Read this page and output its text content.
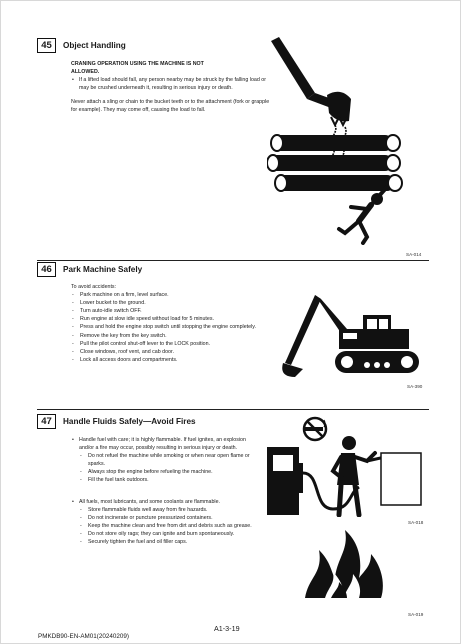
45	Object Handling
CRANING OPERATION USING THE MACHINE IS NOT
ALLOWED.
• If a lifted load should fall, any person nearby may be struck by the falling load or may be crushed underneath it, resulting in serious injury or death.
Never attach a sling or chain to the bucket teeth or to the attachment (fork or grapple for example). They may come off, causing the load to fall.
SA-014
46	Park Machine Safely
To avoid accidents:
- Park machine on a firm, level surface.
- Lower bucket to the ground.
- Turn auto-idle switch OFF.
- Run engine at slow idle speed without load for 5 minutes.
- Press and hold the engine stop switch until stopping the engine completely.
- Remove the key from the key switch.
- Pull the pilot control shut-off lever to the LOCK position.
- Close windows, roof vent, and cab door.
- Lock all access doors and compartments.
SA-390
47	Handle Fluids Safely—Avoid Fires
• Handle fuel with care; it is highly flammable. If fuel ignites, an explosion and/or a fire may occur, possibly resulting in serious injury or death.
- Do not refuel the machine while smoking or when near open flame or sparks.
- Always stop the engine before refueling the machine.
- Fill the fuel tank outdoors.
• All fuels, most lubricants, and some coolants are flammable.
- Store flammable fluids well away from fire hazards.
- Do not incinerate or puncture pressurized containers.
- Keep the machine clean and free from dirt and debris such as grease.
- Do not store oily rags; they can ignite and burn spontaneously.
- Securely tighten the fuel and oil filler caps.
SA-018
SA-019
A1-3-19
PMKDB90-EN-AM01(20240209)
